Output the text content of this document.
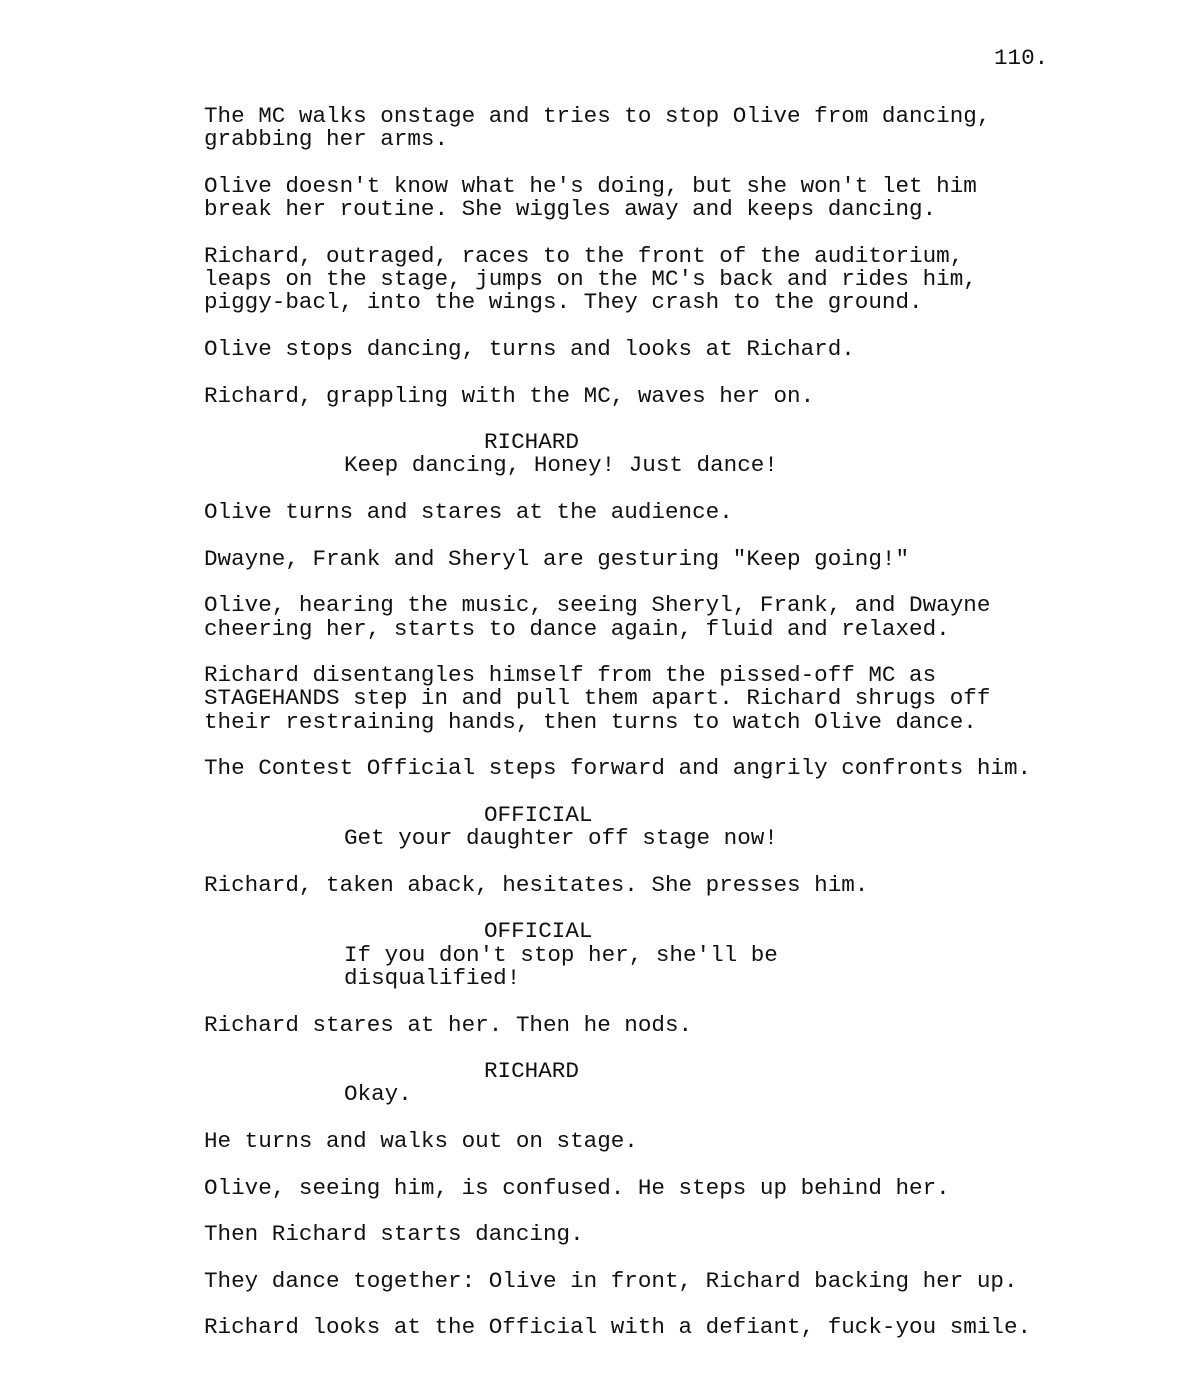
110.
The MC walks onstage and tries to stop Olive from dancing,
grabbing her arms.
Olive doesn't know what he's doing, but she won't let him
break her routine. She wiggles away and keeps dancing.
Richard, outraged, races to the front of the auditorium,
leaps on the stage, jumps on the MC's back and rides him,
piggy-bacl, into the wings. They crash to the ground.
Olive stops dancing, turns and looks at Richard.
Richard, grappling with the MC, waves her on.
RICHARD
Keep dancing, Honey! Just dance!
Olive turns and stares at the audience.
Dwayne, Frank and Sheryl are gesturing "Keep going!"
Olive, hearing the music, seeing Sheryl, Frank, and Dwayne
cheering her, starts to dance again, fluid and relaxed.
Richard disentangles himself from the pissed-off MC as
STAGEHANDS step in and pull them apart. Richard shrugs off
their restraining hands, then turns to watch Olive dance.
The Contest Official steps forward and angrily confronts him.
OFFICIAL
Get your daughter off stage now!
Richard, taken aback, hesitates. She presses him.
OFFICIAL
If you don't stop her, she'll be
disqualified!
Richard stares at her. Then he nods.
RICHARD
Okay.
He turns and walks out on stage.
Olive, seeing him, is confused. He steps up behind her.
Then Richard starts dancing.
They dance together: Olive in front, Richard backing her up.
Richard looks at the Official with a defiant, fuck-you smile.
